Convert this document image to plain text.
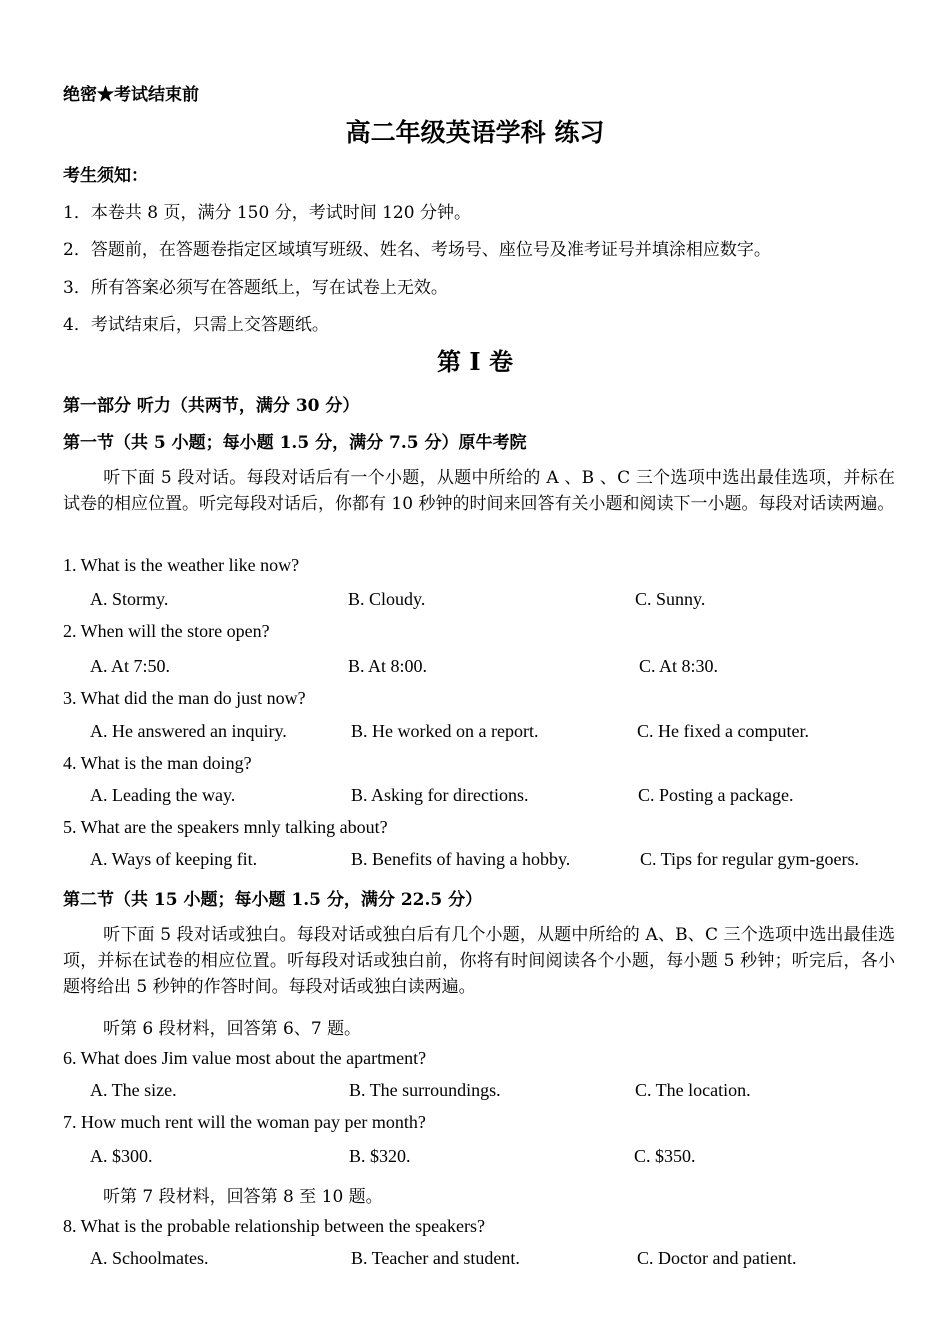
绝密★考试结束前
高二年级英语学科 练习
考生须知：
1．本卷共 8 页，满分 150 分，考试时间 120 分钟。
2．答题前，在答题卷指定区域填写班级、姓名、考场号、座位号及准考证号并填涂相应数字。
3．所有答案必须写在答题纸上，写在试卷上无效。
4．考试结束后，只需上交答题纸。
第 I 卷
第一部分 听力（共两节，满分 30 分）
第一节（共 5 小题；每小题 1.5 分，满分 7.5 分）原牛考院
听下面 5 段对话。每段对话后有一个小题，从题中所给的 A 、B 、C 三个选项中选出最佳选项，并标在试卷的相应位置。听完每段对话后，你都有 10 秒钟的时间来回答有关小题和阅读下一小题。每段对话读两遍。
1. What is the weather like now?
A. Stormy.	B. Cloudy.	C. Sunny.
2. When will the store open?
A. At 7:50.	B. At 8:00.	C. At 8:30.
3. What did the man do just now?
A. He answered an inquiry.	B. He worked on a report.	C. He fixed a computer.
4. What is the man doing?
A. Leading the way.	B. Asking for directions.	C. Posting a package.
5. What are the speakers mnly talking about?
A. Ways of keeping fit.	B. Benefits of having a hobby.	C. Tips for regular gym-goers.
第二节（共 15 小题；每小题 1.5 分，满分 22.5 分）
听下面 5 段对话或独白。每段对话或独白后有几个小题，从题中所给的 A、B、C 三个选项中选出最佳选项，并标在试卷的相应位置。听每段对话或独白前，你将有时间阅读各个小题，每小题 5 秒钟；听完后，各小题将给出 5 秒钟的作答时间。每段对话或独白读两遍。
听第 6 段材料，回答第 6、7 题。
6. What does Jim value most about the apartment?
A. The size.	B. The surroundings.	C. The location.
7. How much rent will the woman pay per month?
A. $300.	B. $320.	C. $350.
听第 7 段材料，回答第 8 至 10 题。
8. What is the probable relationship between the speakers?
A. Schoolmates.	B. Teacher and student.	C. Doctor and patient.
